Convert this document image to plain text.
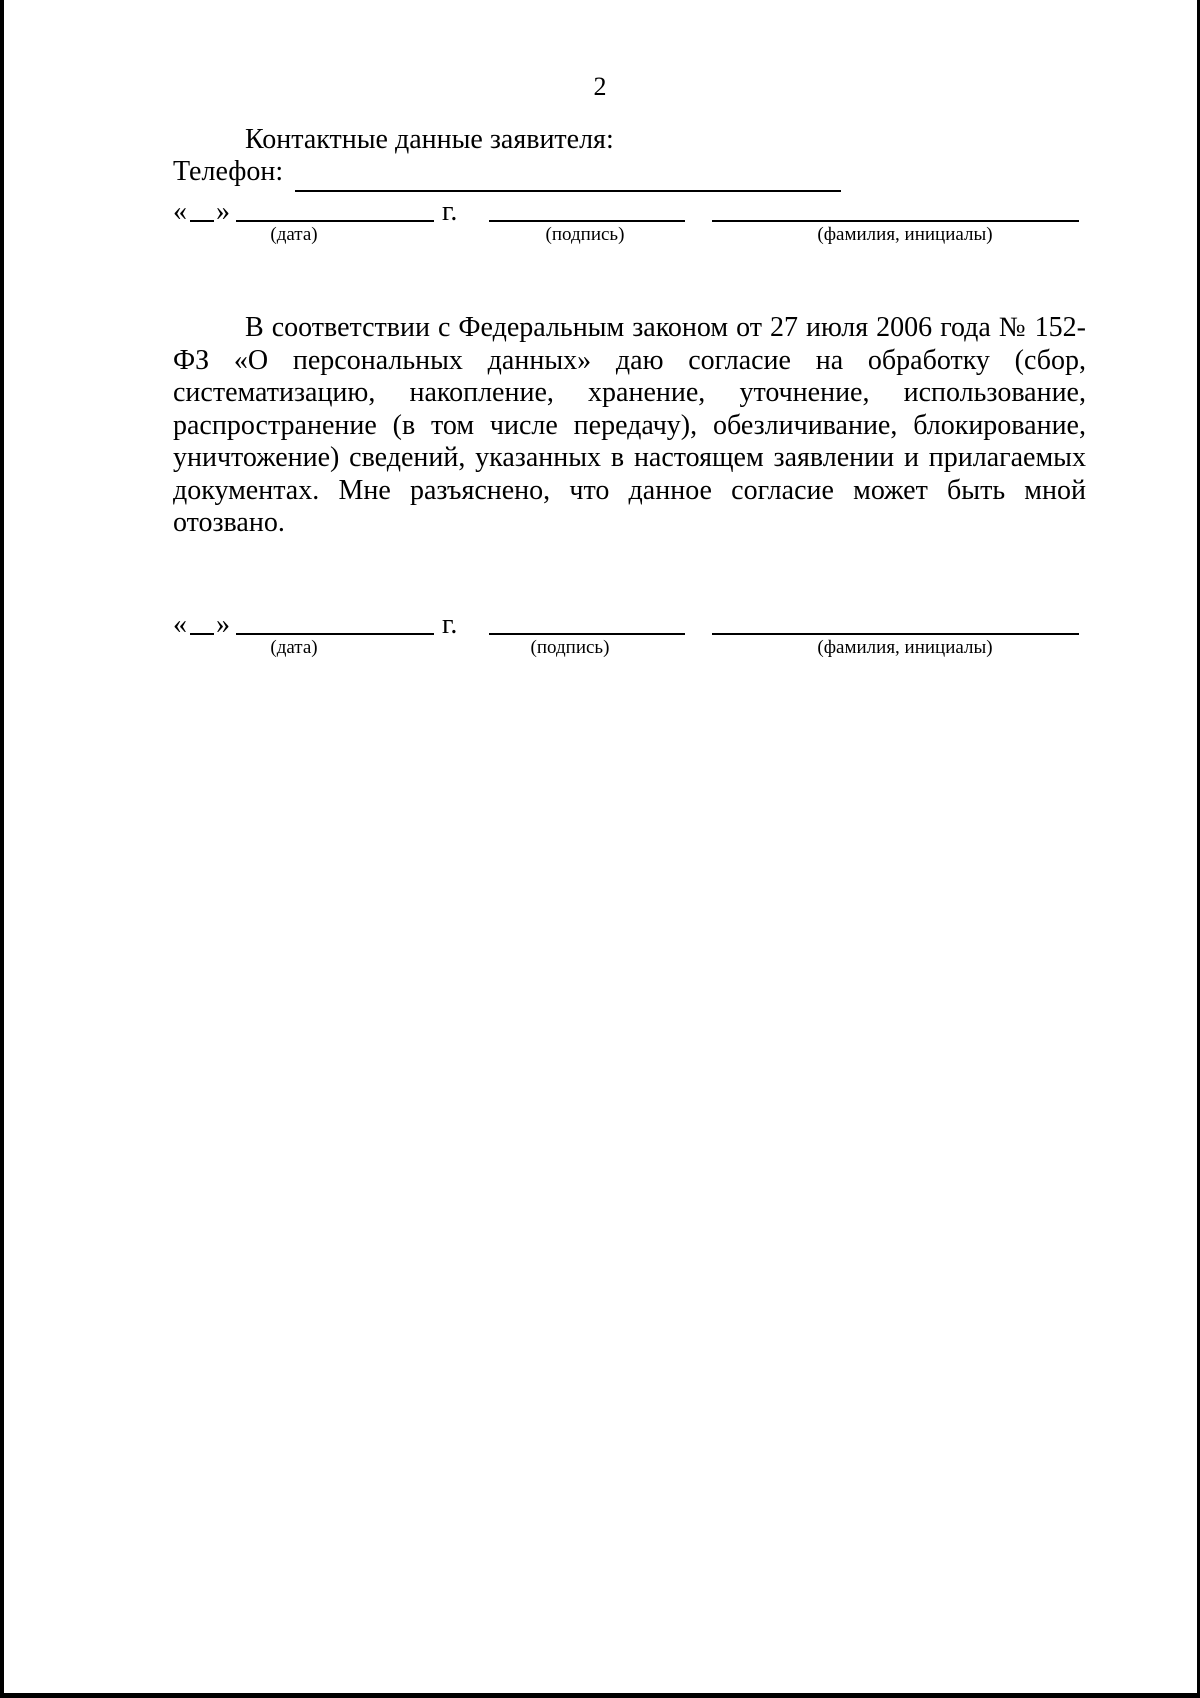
2
Контактные данные заявителя:
Телефон:
« »	г.
(дата)	(подпись)	(фамилия, инициалы)

В соответствии с Федеральным законом от 27 июля 2006 года № 152-ФЗ «О персональных данных» даю согласие на обработку (сбор, систематизацию, накопление, хранение, уточнение, использование, распространение (в том числе передачу), обезличивание, блокирование, уничтожение) сведений, указанных в настоящем заявлении и прилагаемых документах. Мне разъяснено, что данное согласие может быть мной отозвано.

« »	г.
(дата)	(подпись)	(фамилия, инициалы)
